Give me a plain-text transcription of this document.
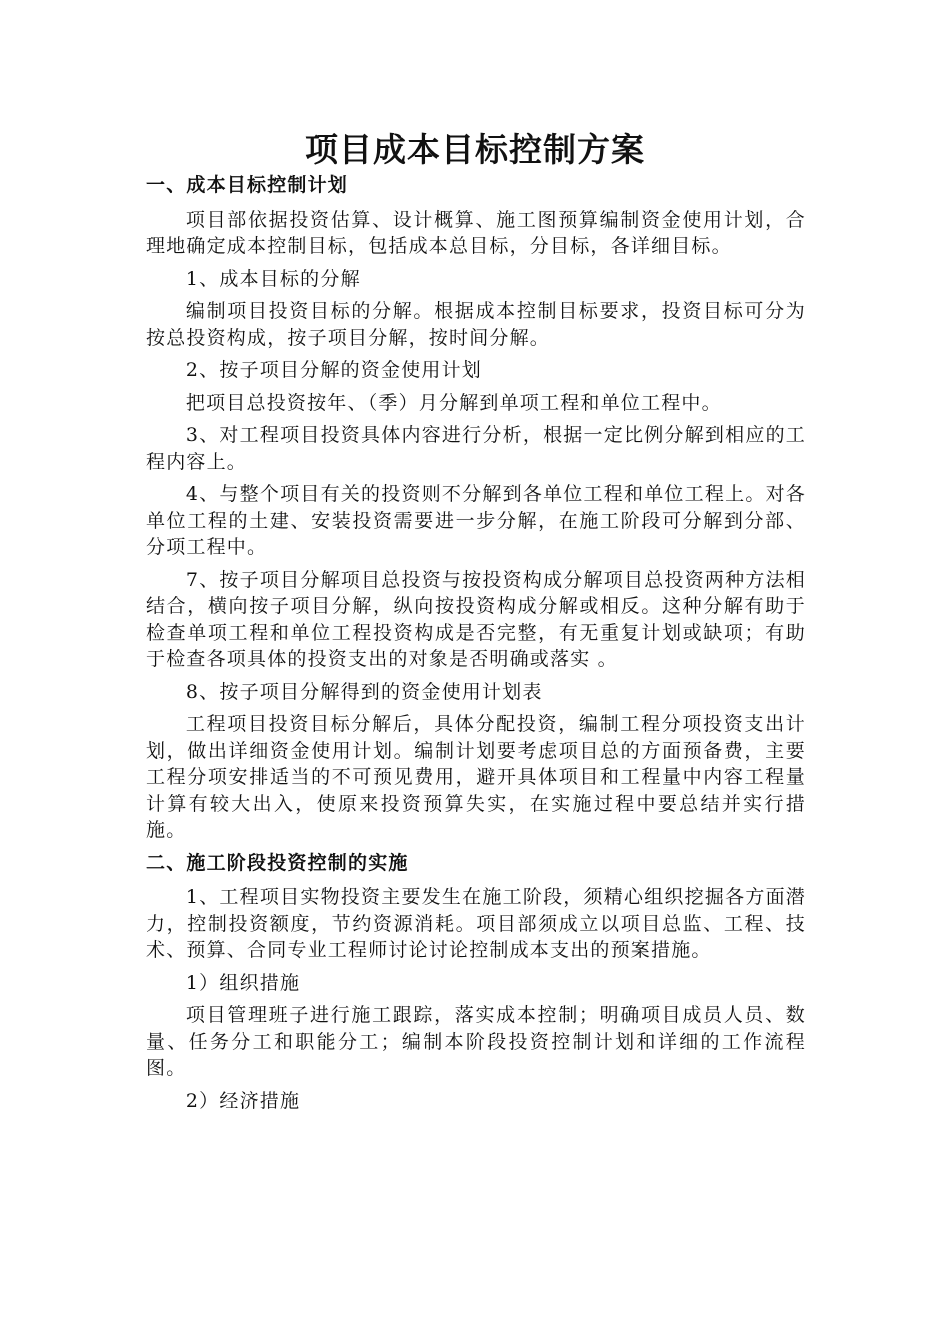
项目成本目标控制方案
一、成本目标控制计划
项目部依据投资估算、设计概算、施工图预算编制资金使用计划，合理地确定成本控制目标，包括成本总目标，分目标，各详细目标。
1、成本目标的分解
编制项目投资目标的分解。根据成本控制目标要求，投资目标可分为按总投资构成，按子项目分解，按时间分解。
2、按子项目分解的资金使用计划
把项目总投资按年、（季）月分解到单项工程和单位工程中。
3、对工程项目投资具体内容进行分析，根据一定比例分解到相应的工程内容上。
4、与整个项目有关的投资则不分解到各单位工程和单位工程上。对各单位工程的土建、安装投资需要进一步分解，在施工阶段可分解到分部、分项工程中。
7、按子项目分解项目总投资与按投资构成分解项目总投资两种方法相结合，横向按子项目分解，纵向按投资构成分解或相反。这种分解有助于检查单项工程和单位工程投资构成是否完整，有无重复计划或缺项；有助于检查各项具体的投资支出的对象是否明确或落实 。
8、按子项目分解得到的资金使用计划表
工程项目投资目标分解后，具体分配投资，编制工程分项投资支出计划，做出详细资金使用计划。编制计划要考虑项目总的方面预备费，主要工程分项安排适当的不可预见费用，避开具体项目和工程量中内容工程量计算有较大出入，使原来投资预算失实，在实施过程中要总结并实行措施。
二、施工阶段投资控制的实施
1、工程项目实物投资主要发生在施工阶段，须精心组织挖掘各方面潜力，控制投资额度，节约资源消耗。项目部须成立以项目总监、工程、技术、预算、合同专业工程师讨论讨论控制成本支出的预案措施。
1）组织措施
项目管理班子进行施工跟踪，落实成本控制；明确项目成员人员、数量、任务分工和职能分工；编制本阶段投资控制计划和详细的工作流程图。
2）经济措施
